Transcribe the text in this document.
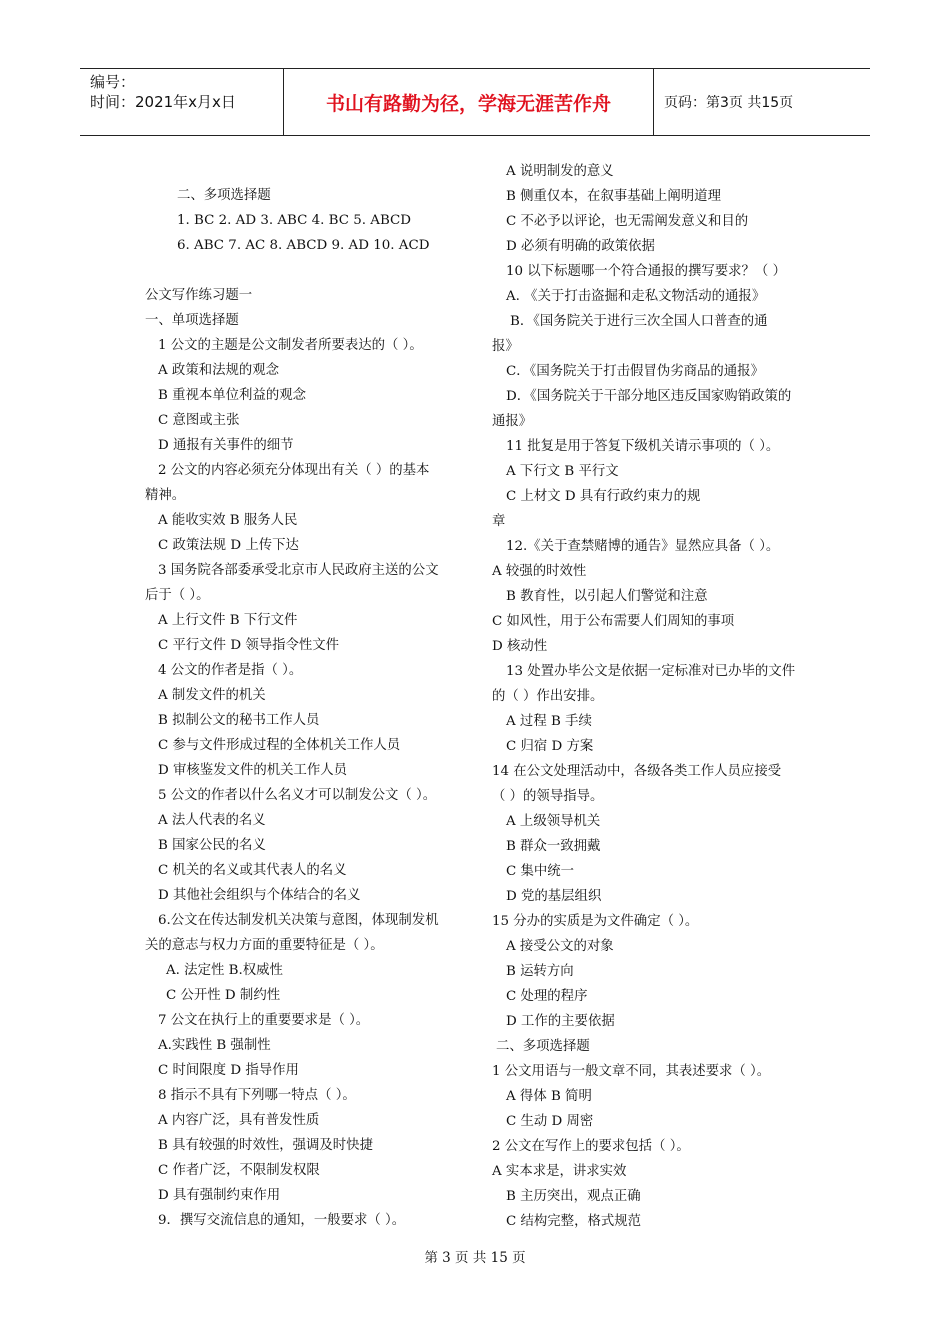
编号：
时间：2021年x月x日	书山有路勤为径，学海无涯苦作舟	页码：第3页 共15页
二、多项选择题
1. BC 2. AD 3. ABC 4. BC 5. ABCD
6. ABC 7. AC 8. ABCD 9. AD 10. ACD
公文写作练习题一
一、单项选择题
1 公文的主题是公文制发者所要表达的（ ）。
A 政策和法规的观念
B 重视本单位利益的观念
C 意图或主张
D 通报有关事件的细节
2 公文的内容必须充分体现出有关（ ）的基本
精神。
A 能收实效 B 服务人民
C 政策法规 D 上传下达
3 国务院各部委承受北京市人民政府主送的公文
后于（ ）。
A 上行文件 B 下行文件
C 平行文件 D 领导指令性文件
4 公文的作者是指（ ）。
A 制发文件的机关
B 拟制公文的秘书工作人员
C 参与文件形成过程的全体机关工作人员
D 审核鉴发文件的机关工作人员
5 公文的作者以什么名义才可以制发公文（ ）。
A 法人代表的名义
B 国家公民的名义
C 机关的名义或其代表人的名义
D 其他社会组织与个体结合的名义
6.公文在传达制发机关决策与意图，体现制发机
关的意志与权力方面的重要特征是（ ）。
A. 法定性 B.权威性
C 公开性 D 制约性
7 公文在执行上的重要要求是（ ）。
A.实践性 B 强制性
C 时间限度 D 指导作用
8 指示不具有下列哪一特点（ ）。
A 内容广泛，具有普发性质
B 具有较强的时效性，强调及时快捷
C 作者广泛，不限制发权限
D 具有强制约束作用
9．撰写交流信息的通知，一般要求（ ）。
A 说明制发的意义
B 侧重仅本，在叙事基础上阐明道理
C 不必予以评论，也无需阐发意义和目的
D 必须有明确的政策依据
10 以下标题哪一个符合通报的撰写要求？（ ）
A. 《关于打击盗掘和走私文物活动的通报》
B．《国务院关于进行三次全国人口普查的通
报》
C．《国务院关于打击假冒伪劣商品的通报》
D．《国务院关于干部分地区违反国家购销政策的
通报》
11 批复是用于答复下级机关请示事项的（ ）。
A 下行文 B 平行文
C 上材文 D 具有行政约束力的规
章
12.《关于查禁赌博的通告》显然应具备（ ）。
A 较强的时效性
B 教育性，以引起人们警觉和注意
C 如风性，用于公布需要人们周知的事项
D 核动性
13 处置办毕公文是依据一定标准对已办毕的文件
的（ ）作出安排。
A 过程 B 手续
C 归宿 D 方案
14 在公文处理活动中，各级各类工作人员应接受
（ ）的领导指导。
A 上级领导机关
B 群众一致拥戴
C 集中统一
D 党的基层组织
15 分办的实质是为文件确定（ ）。
A 接受公文的对象
B 运转方向
C 处理的程序
D 工作的主要依据
二、多项选择题
1 公文用语与一般文章不同，其表述要求（ ）。
A 得体 B 简明
C 生动 D 周密
2 公文在写作上的要求包括（ ）。
A 实本求是，讲求实效
B 主历突出，观点正确
C 结构完整，格式规范
第 3 页 共 15 页
